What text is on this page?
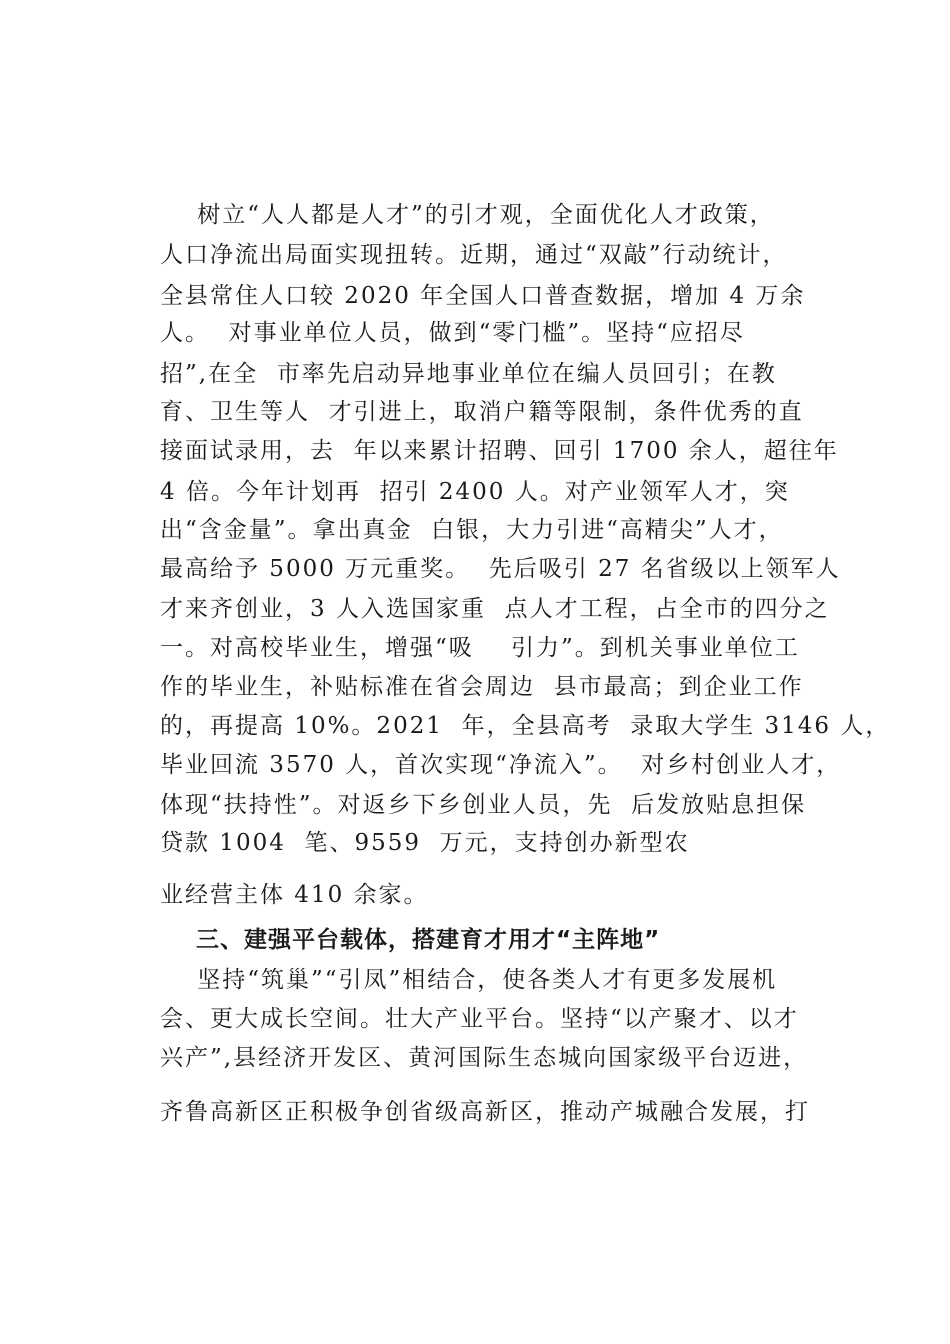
树立“人人都是人才”的引才观，全面优化人才政策，
人口净流出局面实现扭转。近期，通过“双敲”行动统计，
全县常住人口较 2020 年全国人口普查数据，增加 4 万余
人。  对事业单位人员，做到“零门槛”。坚持“应招尽
招”,在全  市率先启动异地事业单位在编人员回引；在教
育、卫生等人  才引进上，取消户籍等限制，条件优秀的直
接面试录用，去  年以来累计招聘、回引 1700 余人，超往年
4 倍。今年计划再  招引 2400 人。对产业领军人才，突
出“含金量”。拿出真金  白银，大力引进“高精尖”人才，
最高给予 5000 万元重奖。  先后吸引 27 名省级以上领军人
才来齐创业，3 人入选国家重  点人才工程，占全市的四分之
一。对高校毕业生，增强“吸    引力”。到机关事业单位工
作的毕业生，补贴标准在省会周边  县市最高；到企业工作
的，再提高 10%。2021  年，全县高考  录取大学生 3146 人，
毕业回流 3570 人，首次实现“净流入”。  对乡村创业人才，
体现“扶持性”。对返乡下乡创业人员，先  后发放贴息担保
贷款 1004  笔、9559  万元，支持创办新型农
业经营主体 410 余家。
三、建强平台载体，搭建育才用才“主阵地”
坚持“筑巢”“引凤”相结合，使各类人才有更多发展机
会、更大成长空间。壮大产业平台。坚持“以产聚才、以才
兴产”,县经济开发区、黄河国际生态城向国家级平台迈进，
齐鲁高新区正积极争创省级高新区，推动产城融合发展，打
